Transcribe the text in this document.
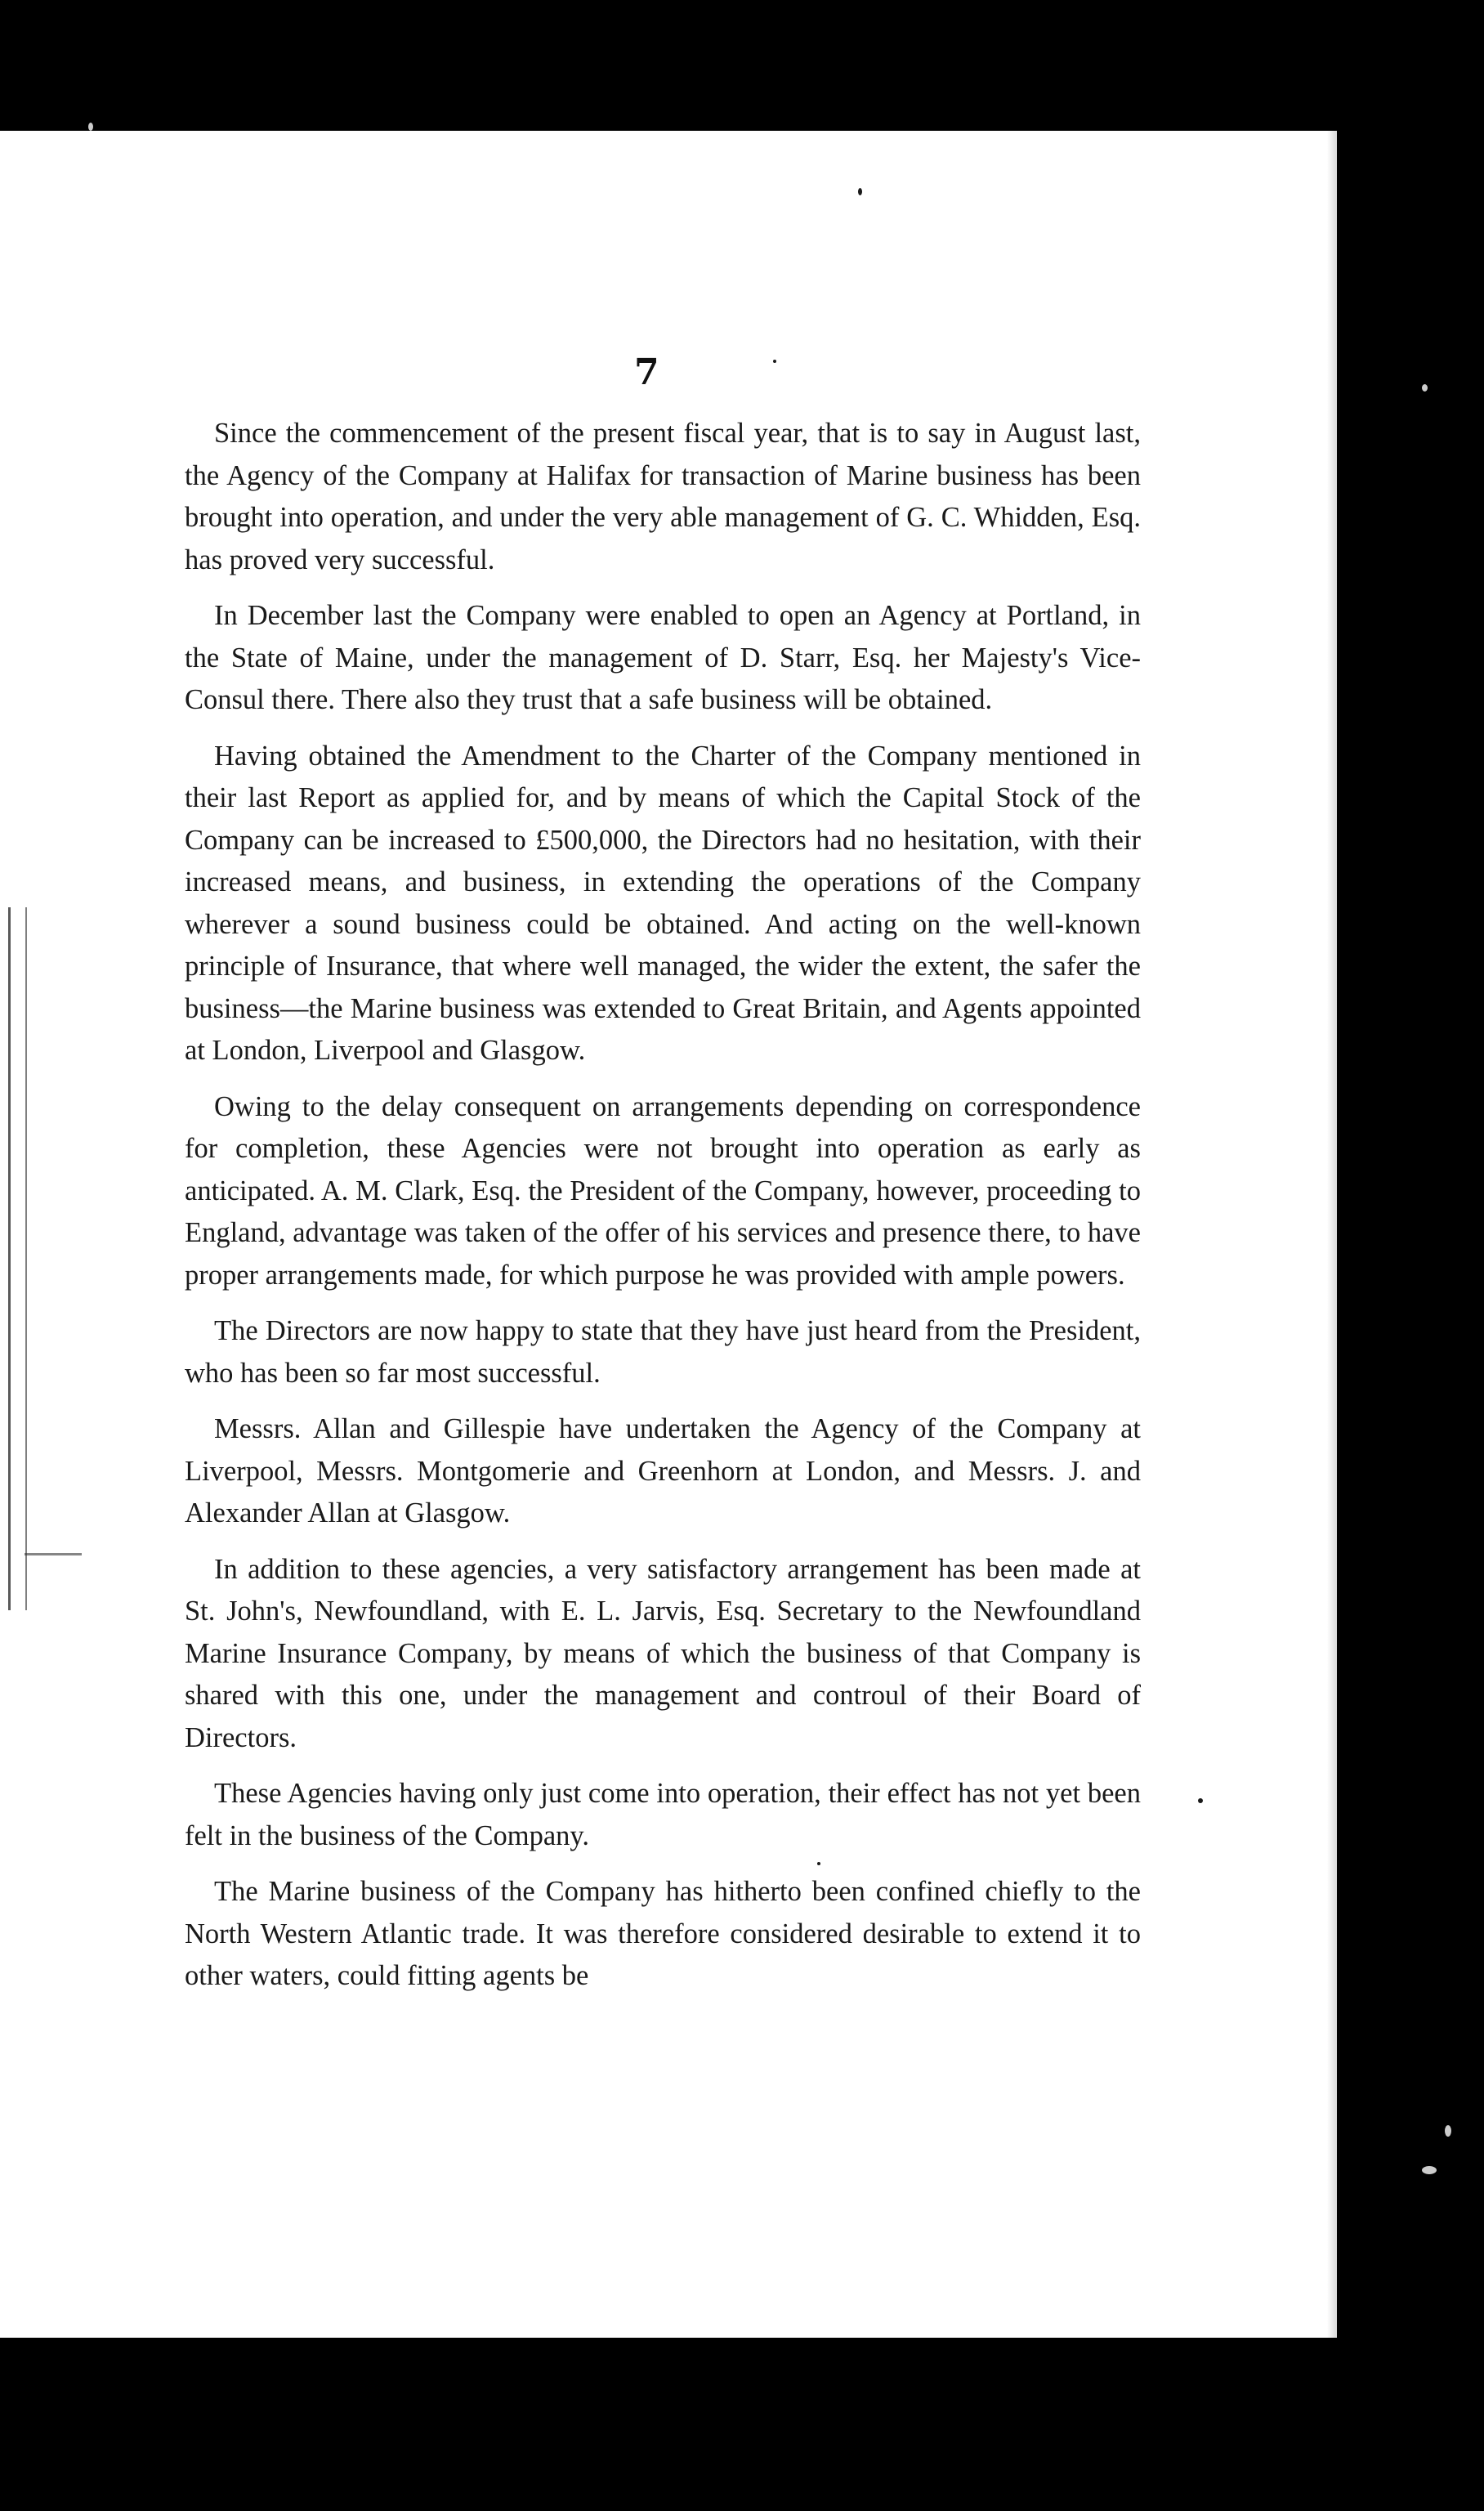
7

Since the commencement of the present fiscal year, that is to say in August last, the Agency of the Company at Halifax for transaction of Marine business has been brought into operation, and under the very able management of G. C. Whidden, Esq. has proved very successful.

In December last the Company were enabled to open an Agency at Portland, in the State of Maine, under the management of D. Starr, Esq. her Majesty's Vice-Consul there. There also they trust that a safe business will be obtained.

Having obtained the Amendment to the Charter of the Company mentioned in their last Report as applied for, and by means of which the Capital Stock of the Company can be increased to £500,000, the Directors had no hesitation, with their increased means, and business, in extending the operations of the Company wherever a sound business could be obtained. And acting on the well-known principle of Insurance, that where well managed, the wider the extent, the safer the business—the Marine business was extended to Great Britain, and Agents appointed at London, Liverpool and Glasgow.

Owing to the delay consequent on arrangements depending on correspondence for completion, these Agencies were not brought into operation as early as anticipated. A. M. Clark, Esq. the President of the Company, however, proceeding to England, advantage was taken of the offer of his services and presence there, to have proper arrangements made, for which purpose he was provided with ample powers.

The Directors are now happy to state that they have just heard from the President, who has been so far most successful.

Messrs. Allan and Gillespie have undertaken the Agency of the Company at Liverpool, Messrs. Montgomerie and Greenhorn at London, and Messrs. J. and Alexander Allan at Glasgow.

In addition to these agencies, a very satisfactory arrangement has been made at St. John's, Newfoundland, with E. L. Jarvis, Esq. Secretary to the Newfoundland Marine Insurance Company, by means of which the business of that Company is shared with this one, under the management and controul of their Board of Directors.

These Agencies having only just come into operation, their effect has not yet been felt in the business of the Company.

The Marine business of the Company has hitherto been confined chiefly to the North Western Atlantic trade. It was therefore considered desirable to extend it to other waters, could fitting agents be
